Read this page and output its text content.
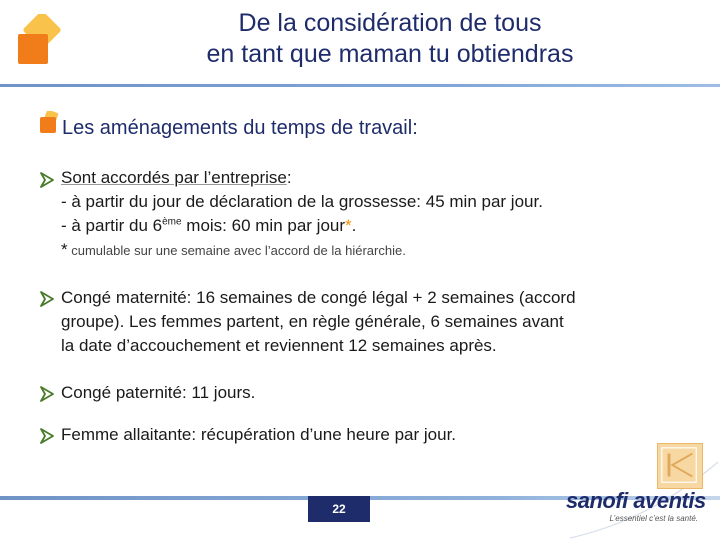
De la considération de tous
en tant que maman tu obtiendras
Les aménagements du temps de travail:
Sont accordés par l’entreprise:
- à partir du jour de déclaration de la grossesse: 45 min par jour.
- à partir du 6ème mois: 60 min par jour*.
* cumulable sur une semaine avec l’accord de la hiérarchie.
Congé maternité: 16 semaines de congé légal + 2 semaines (accord
groupe). Les femmes partent, en règle générale, 6 semaines avant
la date d’accouchement et reviennent 12 semaines après.
Congé paternité: 11 jours.
Femme allaitante: récupération d’une heure par jour.
22	sanofi aventis
L’essentiel c’est la santé.
